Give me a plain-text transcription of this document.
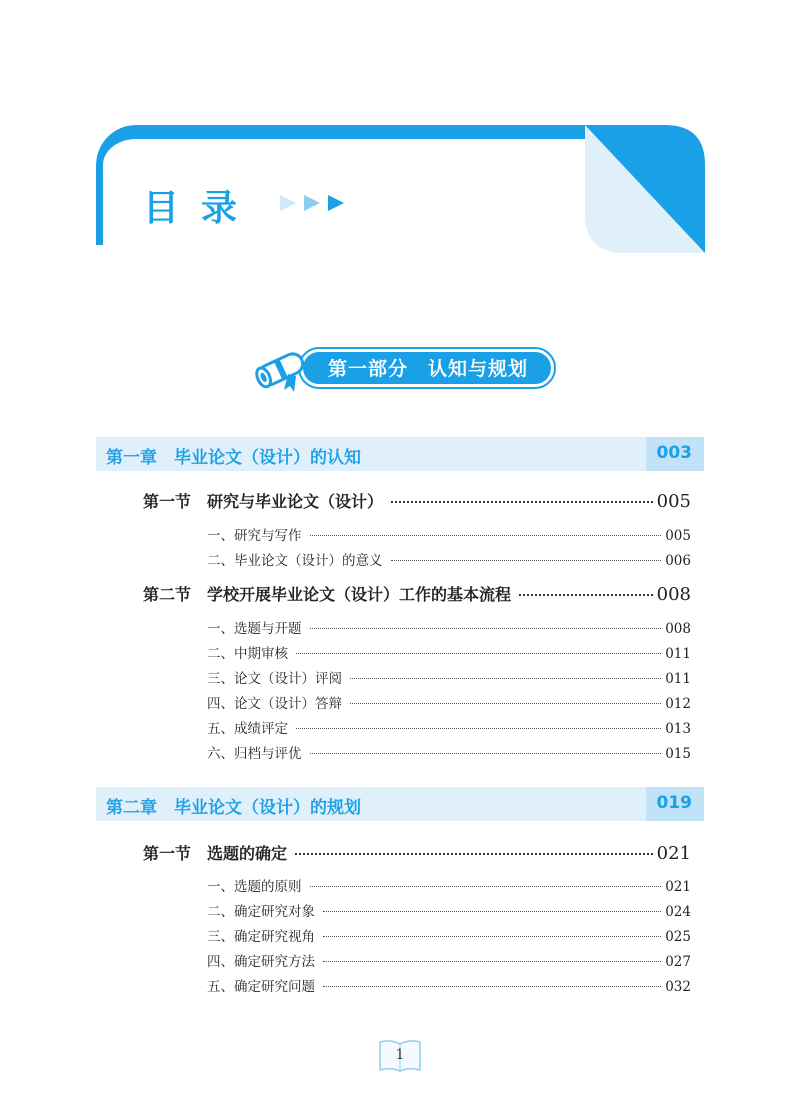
目录
第一部分　认知与规划
第一章　毕业论文（设计）的认知	003
第一节　研究与毕业论文（设计）	005
一、研究与写作	005
二、毕业论文（设计）的意义	006
第二节　学校开展毕业论文（设计）工作的基本流程	008
一、选题与开题	008
二、中期审核	011
三、论文（设计）评阅	011
四、论文（设计）答辩	012
五、成绩评定	013
六、归档与评优	015
第二章　毕业论文（设计）的规划	019
第一节　选题的确定	021
一、选题的原则	021
二、确定研究对象	024
三、确定研究视角	025
四、确定研究方法	027
五、确定研究问题	032
1
